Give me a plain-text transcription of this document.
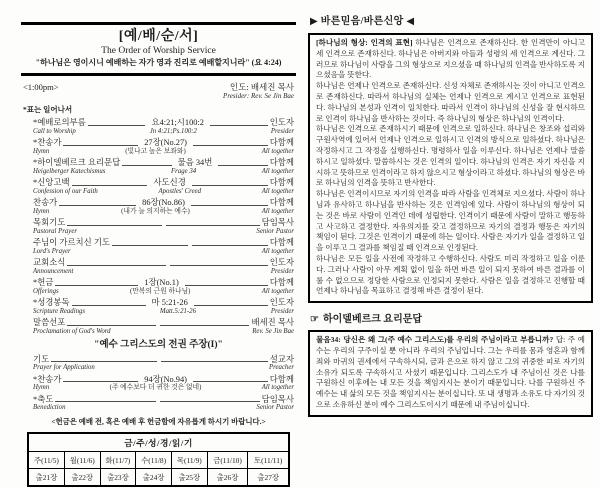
[예/배/순/서]
The Order of Worship Service
"하나님은 영이시니 예배하는 자가 영과 진리로 예배할지니라" (요 4:24)
<1:00pm>	인도: 배세진 목사
Presider: Rev. Se Jin Bae
*표는 일어나서
*예배로의부름	요4:21;시100:2	인도자
Call to Worship	Jn 4:21;Ps.100:2	Presider
*찬송가	27장(No.27)	다함께
Hymn	(빛나고 높은 보좌와)	All together
*하이델베르크 요리문답	물음 34번	다함께
Heigelberger Katechismus	Frage 34	All together
*신앙고백	사도신경	다함께
Confession of our Faith	Apostles' Creed	All together
찬송가	86장(No.86)	다함께
Hymn	(내가 늘 의지하는 예수)	All together
목회기도	담임목사
Pastoral Prayer	Senior Pastor
주님이 가르치신 기도	다함께
Lord's Prayer	All together
교회소식	인도자
Announcement	Presider
*헌금	1장(No.1)	다함께
Offerings	(만복의 근원 하나님)	All together
*성경봉독	마 5:21-26	인도자
Scripture Readings	Matt.5:21-26	Presider
말씀선포	배세진 목사
Proclamation of God's Word	Rev. Se Jin Bae
"예수 그리스도의 전권 주장(I)"
기도	설교자
Prayer for Application	Preacher
*찬송가	94장(No.94)	다함께
Hymn	(주 예수보다 더 귀한 것은 없네)	All together
*축도	담임목사
Benediction	Senior Pastor
<헌금은 예배 전, 혹은 예배 후 헌금함에 자유롭게 하시기 바랍니다.>
금/주/성/경/읽/기						
주(11/5)	월(11/6)	화(11/7)	수(11/8)	목(11/9)	금(11/10)	토(11/11)
출21장	출22장	출23장	출24장	출25장	출26장	출27장
▶ 바른믿음/바른신앙 ◀

[하나님의 형상: 인격의 표현] 하나님은 인격으로 존재하신다. 한 인격만이 아니고 세 인격으로 존재하신다. 하나님은 아버지와 아들과 성령의 세 인격으로 계신다. 그러므로 하나님이 사람을 그의 형상으로 지으셨을 때 하나님의 인격을 반사하도록 지으셨음을 뜻한다.

하나님은 언제나 인격으로 존재하신다. 신성 자체로 존재하시는 것이 아니고 인격으로 존재하신다. 따라서 하나님의 실체는 언제나 인격으로 계시고 인격으로 표현된다. 하나님의 본성과 인격이 일치한다. 따라서 인격이 하나님의 신성을 잘 현시하므로 인격이 하나님을 반사하는 것이다. 즉 하나님의 형상은 하나님의 인격이다.

하나님은 인격으로 존재하시기 때문에 인격으로 일하신다. 하나님은 창조와 섭리와 구원사역에 있어서 언제나 인격으로 일하시고 인격의 방식으로 일하셨다. 하나님은 작정하시고 그 작정을 실행하신다. 명령하사 일을 이루신다. 하나님은 언제나 말씀하시고 일하셨다. 말씀하시는 것은 인격의 일이다. 하나님의 인격은 자기 자신을 지시하고 뜻하므로 인격이라고 하지 않으시고 형상이라고 하셨다. 하나님의 형상은 바로 하나님의 인격을 뜻하고 반사한다.

하나님은 인격이시므로 자기의 인격을 따라 사람을 인격체로 지으셨다. 사람이 하나님과 유사하고 하나님을 반사하는 것은 인격임에 있다. 사람이 하나님의 형상이 되는 것은 바로 사람이 인격인 데에 성립한다. 인격이기 때문에 사람이 말하고 행동하고 사고하고 결정한다. 자유의지를 갖고 결정하므로 자기의 결정과 행동은 자기의 책임이 된다. 그것은 인격이기 때문에 하는 일이다. 사람은 자기가 일을 결정하고 일을 이루고 그 결과를 책임질 때 인격으로 인정된다.

하나님은 모든 일을 사전에 작정하고 수행하신다. 사람도 미리 작정하고 일을 이룬다. 그러나 사람이 아무 계획 없이 일을 하면 바른 일이 되지 못하여 바른 결과를 이룰 수 없으므로 정당한 사람으로 인정되지 못한다. 사람은 일을 결정하고 진행할 때 언제나 하나님을 목표하고 결정해 바른 결정이 된다.

☞ 하이델베르크 요리문답

물음34: 당신은 왜 그(주 예수 그리스도)를 우리의 주님이라고 부릅니까? 답: 주 예수는 우리의 구주이실 뿐 아니라 우리의 주님입니다. 그는 우리를 몸과 영혼과 함께 죄와 마귀의 권세에서 구속하시되, 금과 은으로 하지 않고 그의 귀중한 피로 자기의 소유가 되도록 구속하시고 사셨기 때문입니다. 그리스도가 내 주님이신 것은 나를 구원하신 이후에는 내 모든 것을 책임지시는 분이기 때문입니다. 나를 구원하신 주 예수는 내 삶의 모든 것을 책임지시는 분이십니다. 또 내 생명과 소유도 다 자기의 것으로 소유하신 분이 예수 그리스도이시기 때문에 내 주님이십니다.
